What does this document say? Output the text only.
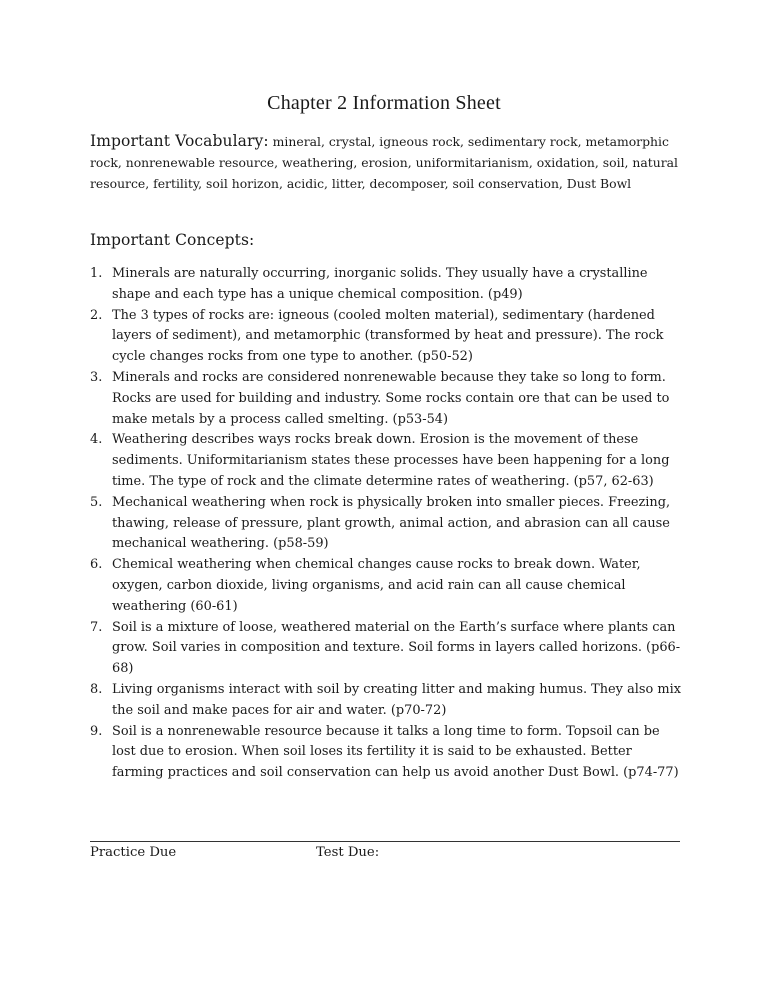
Chapter 2 Information Sheet
Important Vocabulary: mineral, crystal, igneous rock, sedimentary rock, metamorphic rock, nonrenewable resource, weathering, erosion, uniformitarianism, oxidation, soil, natural resource, fertility, soil horizon, acidic, litter, decomposer, soil conservation, Dust Bowl
Important Concepts:
1. Minerals are naturally occurring, inorganic solids. They usually have a crystalline shape and each type has a unique chemical composition. (p49)
2. The 3 types of rocks are: igneous (cooled molten material), sedimentary (hardened layers of sediment), and metamorphic (transformed by heat and pressure). The rock cycle changes rocks from one type to another. (p50-52)
3. Minerals and rocks are considered nonrenewable because they take so long to form. Rocks are used for building and industry. Some rocks contain ore that can be used to make metals by a process called smelting. (p53-54)
4. Weathering describes ways rocks break down. Erosion is the movement of these sediments. Uniformitarianism states these processes have been happening for a long time. The type of rock and the climate determine rates of weathering. (p57, 62-63)
5. Mechanical weathering when rock is physically broken into smaller pieces. Freezing, thawing, release of pressure, plant growth, animal action, and abrasion can all cause mechanical weathering. (p58-59)
6. Chemical weathering when chemical changes cause rocks to break down. Water, oxygen, carbon dioxide, living organisms, and acid rain can all cause chemical weathering (60-61)
7. Soil is a mixture of loose, weathered material on the Earth’s surface where plants can grow. Soil varies in composition and texture. Soil forms in layers called horizons. (p66-68)
8. Living organisms interact with soil by creating litter and making humus. They also mix the soil and make paces for air and water. (p70-72)
9. Soil is a nonrenewable resource because it talks a long time to form. Topsoil can be lost due to erosion. When soil loses its fertility it is said to be exhausted. Better farming practices and soil conservation can help us avoid another Dust Bowl. (p74-77)
Practice Due	Test Due:
